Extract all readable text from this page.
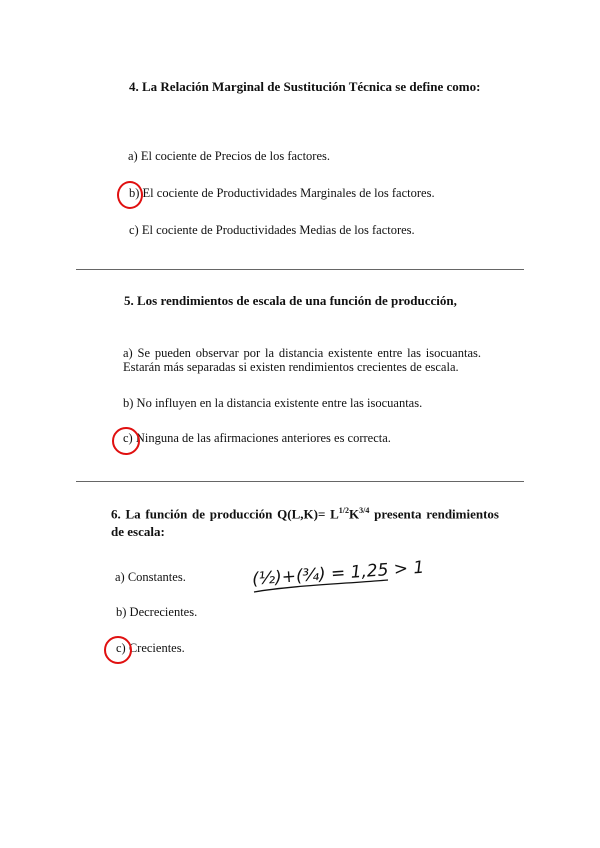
4. La Relación Marginal de Sustitución Técnica se define como:
a) El cociente de Precios de los factores.
b) El cociente de Productividades Marginales de los factores.
c) El cociente de Productividades Medias de los factores.
5. Los rendimientos de escala de una función de producción,
a) Se pueden observar por la distancia existente entre las isocuantas. Estarán más separadas si existen rendimientos crecientes de escala.
b) No influyen en la distancia existente entre las isocuantas.
c) Ninguna de las afirmaciones anteriores es correcta.
6. La función de producción $Q(L,K)= L^{1/2}K^{3/4}$ presenta rendimientos de escala:
(½)+(¾) = 1,25 > 1
a) Constantes.
b) Decrecientes.
c) Crecientes.
